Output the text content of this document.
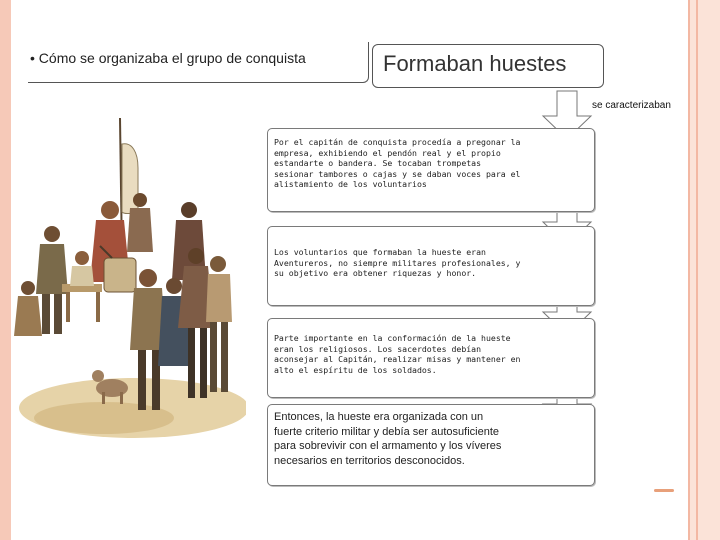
• Cómo se organizaba el grupo de conquista	Formaban huestes
se caracterizaban
Por el capitán de conquista procedía a pregonar la empresa, exhibiendo el pendón real y el propio estandarte o bandera. Se tocaban trompetas sesionar tambores o cajas y se daban voces para el alistamiento de los voluntarios
Los voluntarios que formaban la hueste eran Aventureros, no siempre militares profesionales, y su objetivo era obtener riquezas y honor.
Parte importante en la conformación de la hueste eran los religiosos. Los sacerdotes debían aconsejar al Capitán, realizar misas y mantener en alto el espíritu de los soldados.
Entonces, la hueste era organizada con un fuerte criterio militar y debía ser autosuficiente para sobrevivir con el armamento y los víveres necesarios en territorios desconocidos.
